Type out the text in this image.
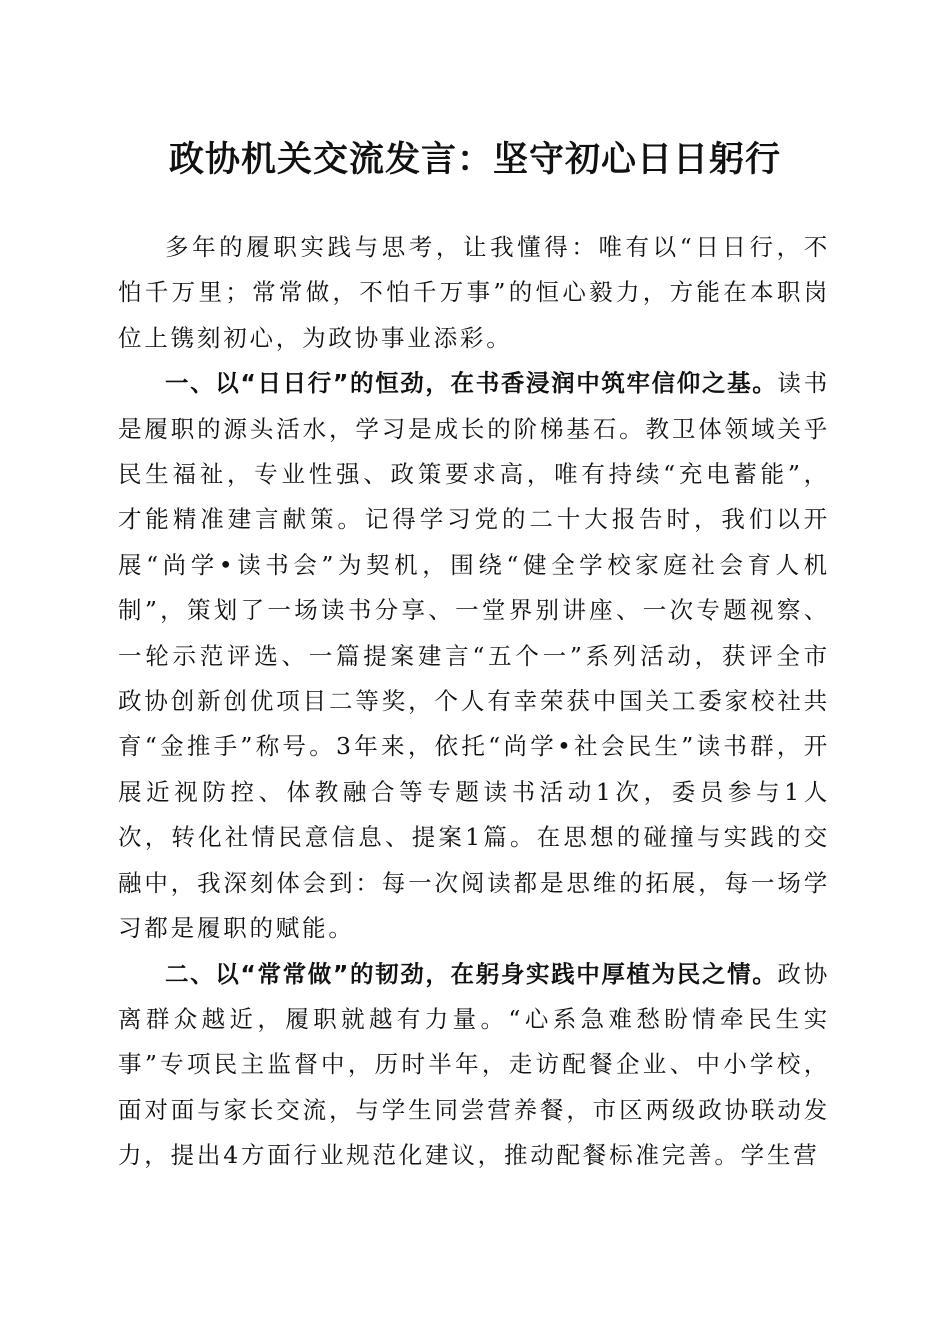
政协机关交流发言：坚守初心日日躬行

多年的履职实践与思考，让我懂得：唯有以“日日行，不怕千万里；常常做，不怕千万事”的恒心毅力，方能在本职岗位上镌刻初心，为政协事业添彩。

一、以“日日行”的恒劲，在书香浸润中筑牢信仰之基。读书是履职的源头活水，学习是成长的阶梯基石。教卫体领域关乎民生福祉，专业性强、政策要求高，唯有持续“充电蓄能”，才能精准建言献策。记得学习党的二十大报告时，我们以开展“尚学•读书会”为契机，围绕“健全学校家庭社会育人机制”，策划了一场读书分享、一堂界别讲座、一次专题视察、一轮示范评选、一篇提案建言“五个一”系列活动，获评全市政协创新创优项目二等奖，个人有幸荣获中国关工委家校社共育“金推手”称号。3年来，依托“尚学•社会民生”读书群，开展近视防控、体教融合等专题读书活动1次，委员参与1人次，转化社情民意信息、提案1篇。在思想的碰撞与实践的交融中，我深刻体会到：每一次阅读都是思维的拓展，每一场学习都是履职的赋能。

二、以“常常做”的韧劲，在躬身实践中厚植为民之情。政协离群众越近，履职就越有力量。“心系急难愁盼情牵民生实事”专项民主监督中，历时半年，走访配餐企业、中小学校，面对面与家长交流，与学生同尝营养餐，市区两级政协联动发力，提出4方面行业规范化建议，推动配餐标准完善。学生营
